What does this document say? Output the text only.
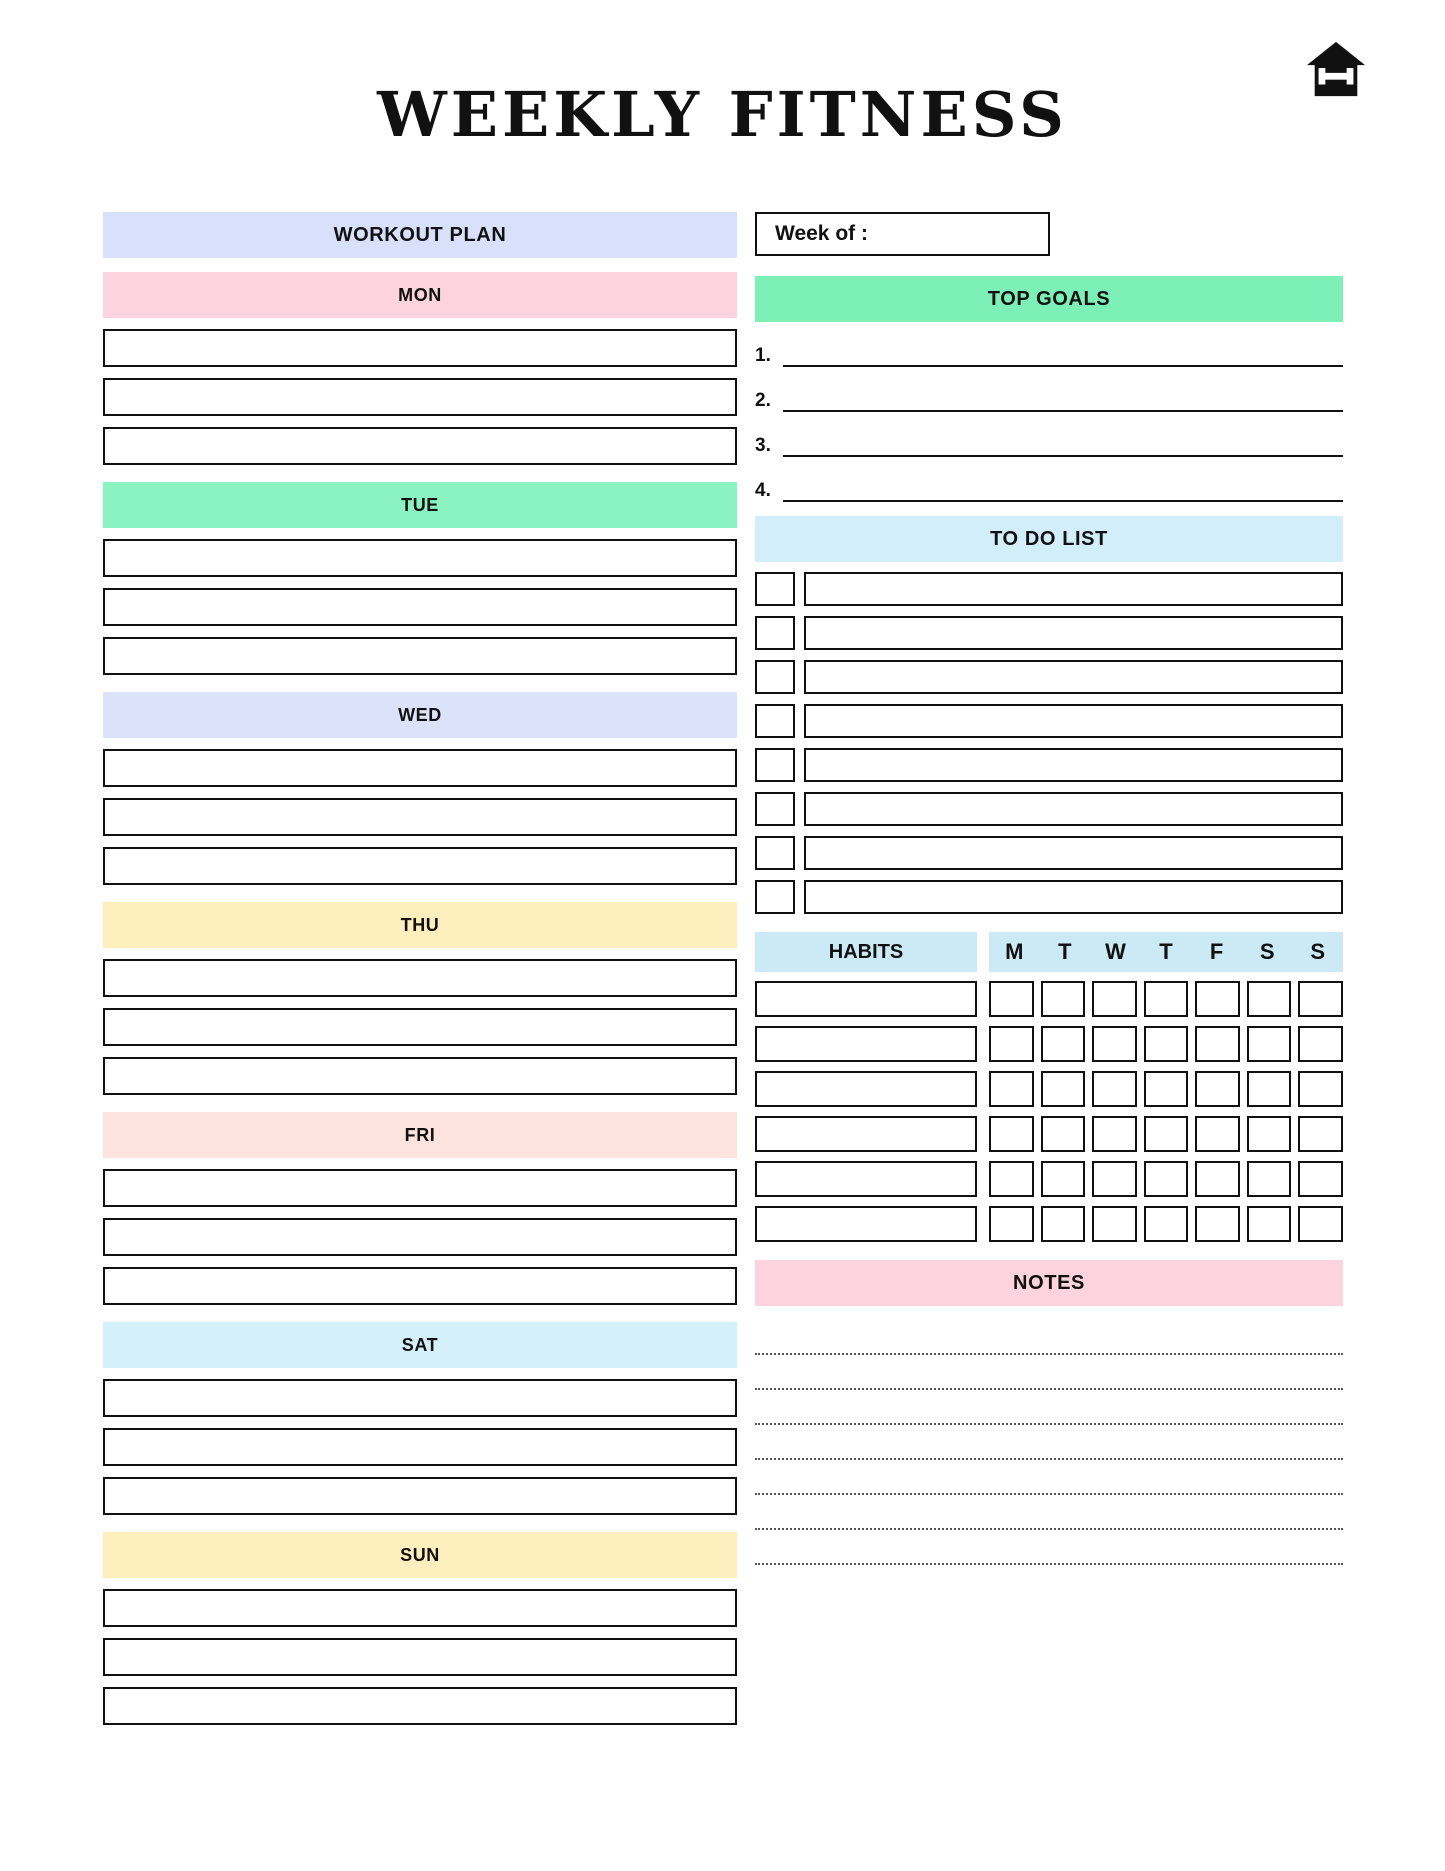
WEEKLY FITNESS
WORKOUT PLAN
MON
TUE
WED
THU
FRI
SAT
SUN
Week of :
TOP GOALS
1.
2.
3.
4.
TO DO LIST
HABITS	M	T	W	T	F	S	S
NOTES
